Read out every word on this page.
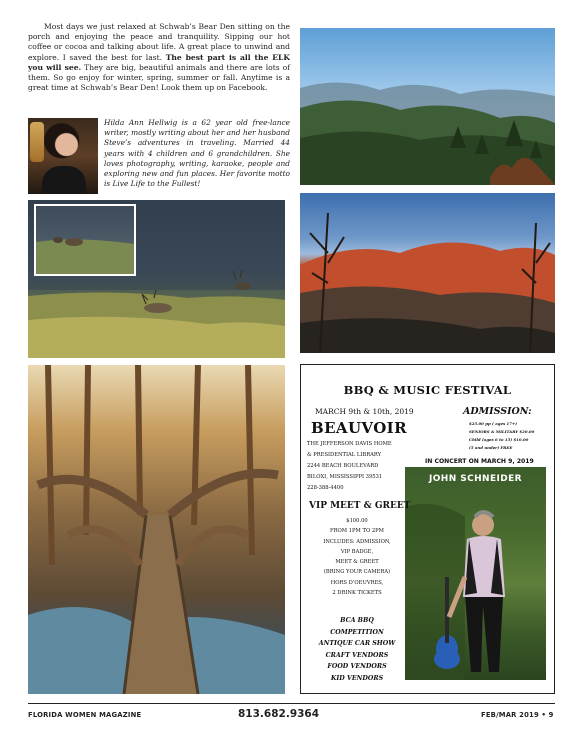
Most days we just relaxed at Schwab’s Bear Den sitting on the porch and enjoying the peace and tranquility. Sipping our hot coffee or cocoa and talking about life. A great place to unwind and explore. I saved the best for last. The best part is all the ELK you will see. They are big, beautiful animals and there are lots of them. So go enjoy for winter, spring, summer or fall. Anytime is a great time at Schwab’s Bear Den! Look them up on Facebook.

Hilda Ann Hellwig is a 62 year old free-lance writer, mostly writing about her and her husband Steve’s adventures in traveling. Married 44 years with 4 children and 6 grandchildren. She loves photography, writing, karaoke, people and exploring new and fun places. Her favorite motto is Live Life to the Fullest!

BBQ & MUSIC FESTIVAL
MARCH 9th & 10th, 2019
BEAUVOIR
THE JEFFERSON DAVIS HOME
& PRESIDENTIAL LIBRARY
2244 BEACH BOULEVARD
BILOXI, MISSISSIPPI 39531
228-388-4400
ADMISSION:
$25.00 pp ( ages 17+)
SENIORS & MILITARY $20.00
Child (ages 6 to 15) $10.00
(5 and under) FREE
IN CONCERT ON MARCH 9, 2019
JOHN SCHNEIDER
VIP MEET & GREET
$100.00
FROM 1PM TO 2PM
INCLUDES: ADMISSION,
VIP BADGE,
MEET & GREET
(BRING YOUR CAMERA)
HORS D’OEUVRES,
2 DRINK TICKETS
BCA BBQ
COMPETITION
ANTIQUE CAR SHOW
CRAFT VENDORS
FOOD VENDORS
KID VENDORS
FLORIDA WOMEN MAGAZINE	813.682.9364	FEB/MAR 2019 • 9
